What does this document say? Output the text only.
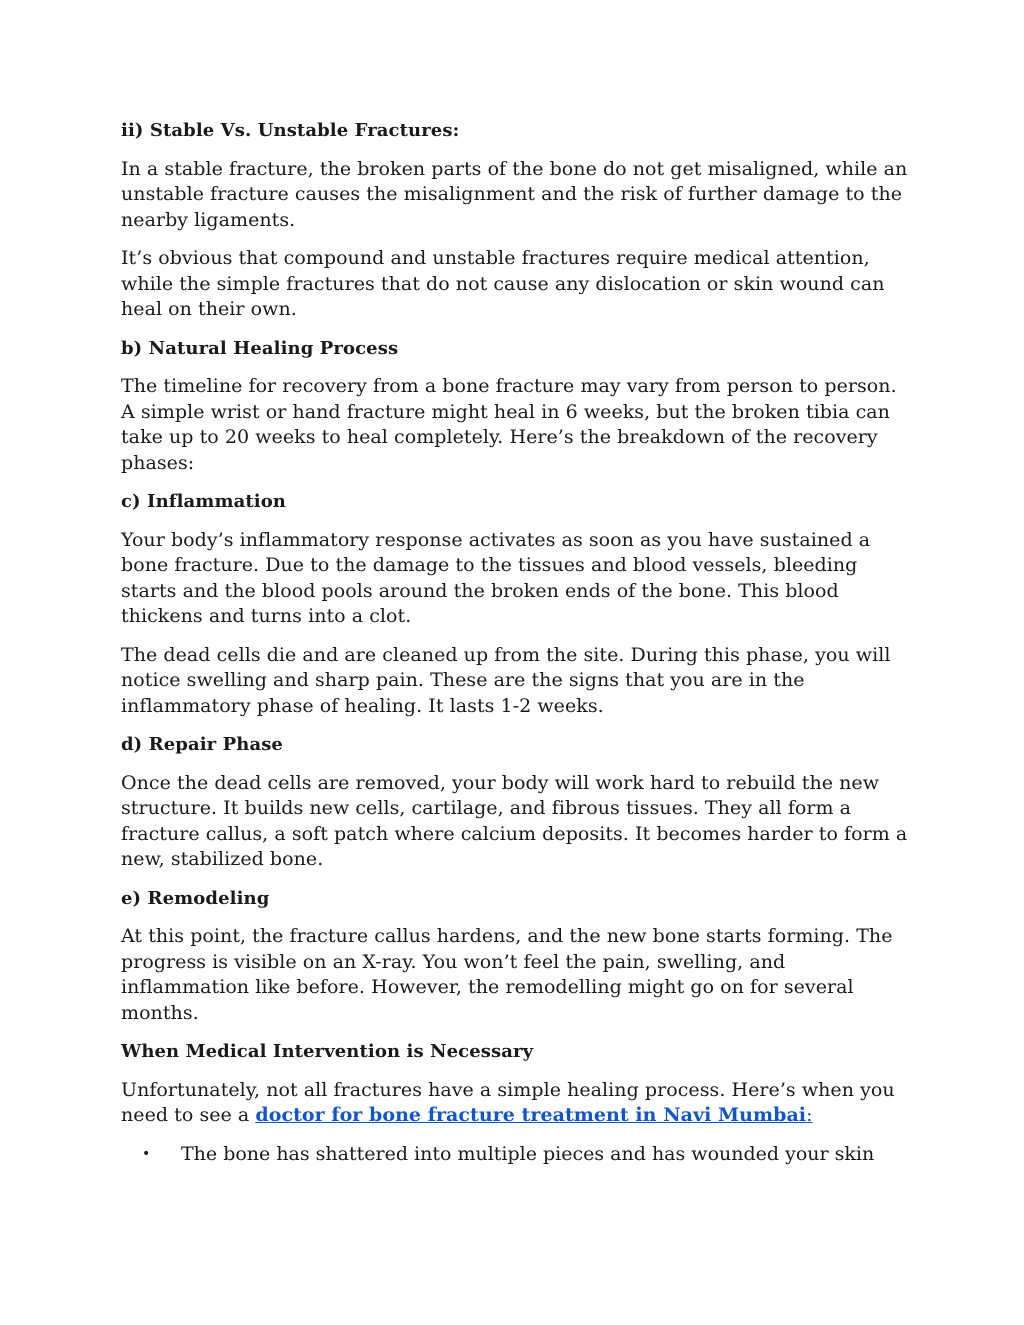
ii) Stable Vs. Unstable Fractures:
In a stable fracture, the broken parts of the bone do not get misaligned, while an unstable fracture causes the misalignment and the risk of further damage to the nearby ligaments.
It’s obvious that compound and unstable fractures require medical attention, while the simple fractures that do not cause any dislocation or skin wound can heal on their own.
b) Natural Healing Process
The timeline for recovery from a bone fracture may vary from person to person. A simple wrist or hand fracture might heal in 6 weeks, but the broken tibia can take up to 20 weeks to heal completely. Here’s the breakdown of the recovery phases:
c) Inflammation
Your body’s inflammatory response activates as soon as you have sustained a bone fracture. Due to the damage to the tissues and blood vessels, bleeding starts and the blood pools around the broken ends of the bone. This blood thickens and turns into a clot.
The dead cells die and are cleaned up from the site. During this phase, you will notice swelling and sharp pain. These are the signs that you are in the inflammatory phase of healing. It lasts 1-2 weeks.
d) Repair Phase
Once the dead cells are removed, your body will work hard to rebuild the new structure. It builds new cells, cartilage, and fibrous tissues. They all form a fracture callus, a soft patch where calcium deposits. It becomes harder to form a new, stabilized bone.
e) Remodeling
At this point, the fracture callus hardens, and the new bone starts forming. The progress is visible on an X-ray. You won’t feel the pain, swelling, and inflammation like before. However, the remodelling might go on for several months.
When Medical Intervention is Necessary
Unfortunately, not all fractures have a simple healing process. Here’s when you need to see a doctor for bone fracture treatment in Navi Mumbai:
• The bone has shattered into multiple pieces and has wounded your skin
